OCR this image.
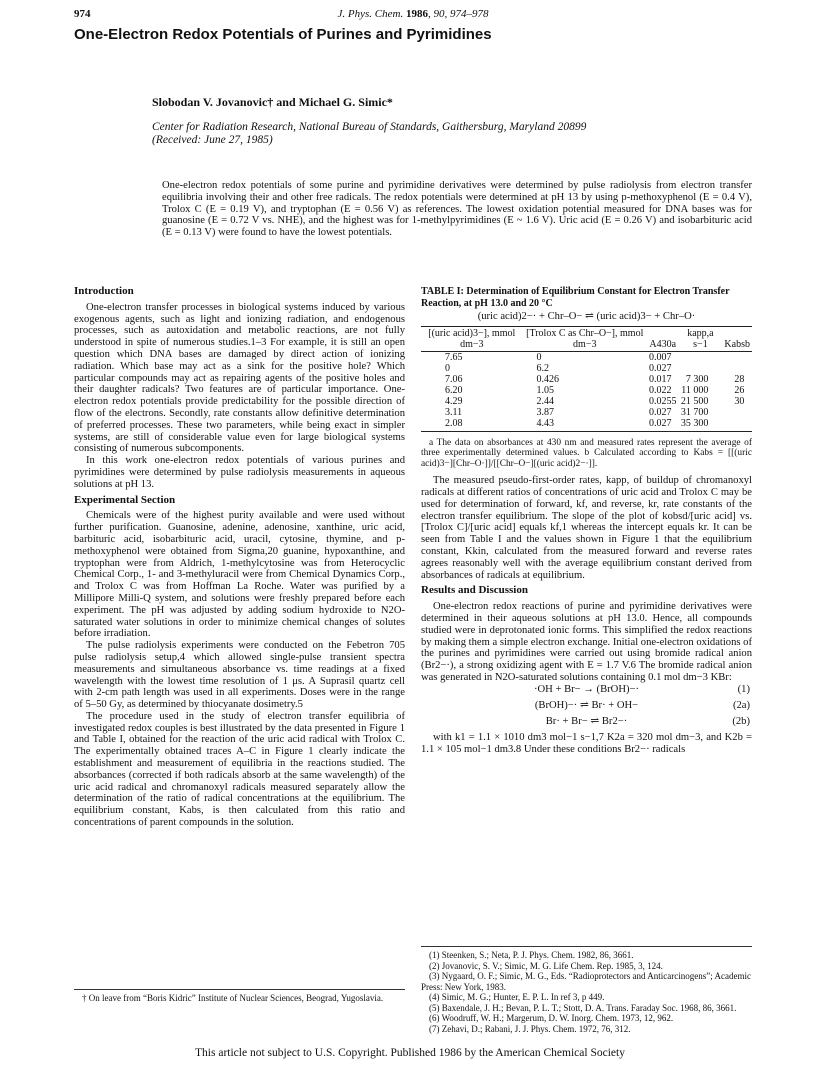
974	J. Phys. Chem. 1986, 90, 974–978
One-Electron Redox Potentials of Purines and Pyrimidines
Slobodan V. Jovanovic† and Michael G. Simic*
Center for Radiation Research, National Bureau of Standards, Gaithersburg, Maryland 20899
(Received: June 27, 1985)
One-electron redox potentials of some purine and pyrimidine derivatives were determined by pulse radiolysis from electron transfer equilibria involving their and other free radicals. The redox potentials were determined at pH 13 by using p-methoxyphenol (E = 0.4 V), Trolox C (E = 0.19 V), and tryptophan (E = 0.56 V) as references. The lowest oxidation potential measured for DNA bases was for guanosine (E = 0.72 V vs. NHE), and the highest was for 1-methylpyrimidines (E ~ 1.6 V). Uric acid (E = 0.26 V) and isobarbituric acid (E = 0.13 V) were found to have the lowest potentials.
Introduction

One-electron transfer processes in biological systems induced by various exogenous agents, such as light and ionizing radiation, and endogenous processes, such as autoxidation and metabolic reactions, are not fully understood in spite of numerous studies.1–3 For example, it is still an open question which DNA bases are damaged by direct action of ionizing radiation. Which base may act as a sink for the positive hole? Which particular compounds may act as repairing agents of the positive holes and their daughter radicals? Two features are of particular importance. One-electron redox potentials provide predictability for the possible direction of flow of the electrons. Secondly, rate constants allow definitive determination of preferred processes. These two parameters, while being exact in simpler systems, are still of considerable value even for large biological systems consisting of numerous subcomponents.

In this work one-electron redox potentials of various purines and pyrimidines were determined by pulse radiolysis measurements in aqueous solutions at pH 13.

Experimental Section

Chemicals were of the highest purity available and were used without further purification. Guanosine, adenine, adenosine, xanthine, uric acid, barbituric acid, isobarbituric acid, uracil, cytosine, thymine, and p-methoxyphenol were obtained from Sigma,20 guanine, hypoxanthine, and tryptophan were from Aldrich, 1-methylcytosine was from Heterocyclic Chemical Corp., 1- and 3-methyluracil were from Chemical Dynamics Corp., and Trolox C was from Hoffman La Roche. Water was purified by a Millipore Milli-Q system, and solutions were freshly prepared before each experiment. The pH was adjusted by adding sodium hydroxide to N2O-saturated water solutions in order to minimize chemical changes of solutes before irradiation.

The pulse radiolysis experiments were conducted on the Febetron 705 pulse radiolysis setup,4 which allowed single-pulse transient spectra measurements and simultaneous absorbance vs. time readings at a fixed wavelength with the lowest time resolution of 1 μs. A Suprasil quartz cell with 2-cm path length was used in all experiments. Doses were in the range of 5–50 Gy, as determined by thiocyanate dosimetry.5

The procedure used in the study of electron transfer equilibria of investigated redox couples is best illustrated by the data presented in Figure 1 and Table I, obtained for the reaction of the uric acid radical with Trolox C. The experimentally obtained traces A–C in Figure 1 clearly indicate the establishment and measurement of equilibria in the reactions studied. The absorbances (corrected if both radicals absorb at the same wavelength) of the uric acid radical and chromanoxyl radicals measured separately allow the determination of the ratio of radical concentrations at the equilibrium. The equilibrium constant, Kabs, is then calculated from this ratio and concentrations of parent compounds in the solution.

† On leave from “Boris Kidric” Institute of Nuclear Sciences, Beograd, Yugoslavia.
TABLE I: Determination of Equilibrium Constant for Electron Transfer Reaction, at pH 13.0 and 20 °C
(uric acid)2−· + Chr–O− ⇌ (uric acid)3− + Chr–O·
[(uric acid)3−], mmol dm−3	[Trolox C as Chr–O−], mmol dm−3	A430a	kapp,a s−1	Kabsb
7.65	0	0.007		
0	6.2	0.027		
7.06	0.426	0.017	7 300	28
6.20	1.05	0.022	11 000	26
4.29	2.44	0.0255	21 500	30
3.11	3.87	0.027	31 700	
2.08	4.43	0.027	35 300	
a The data on absorbances at 430 nm and measured rates represent the average of three experimentally determined values. b Calculated according to Kabs = [[(uric acid)3−][Chr–O·]]/[[Chr–O−][(uric acid)2−·]].

The measured pseudo-first-order rates, kapp, of buildup of chromanoxyl radicals at different ratios of concentrations of uric acid and Trolox C may be used for determination of forward, kf, and reverse, kr, rate constants of the electron transfer equilibrium. The slope of the plot of kobsd/[uric acid] vs. [Trolox C]/[uric acid] equals kf,1 whereas the intercept equals kr. It can be seen from Table I and the values shown in Figure 1 that the equilibrium constant, Kkin, calculated from the measured forward and reverse rates agrees reasonably well with the average equilibrium constant derived from absorbances of radicals at equilibrium.

Results and Discussion

One-electron redox reactions of purine and pyrimidine derivatives were determined in their aqueous solutions at pH 13.0. Hence, all compounds studied were in deprotonated ionic forms. This simplified the redox reactions by making them a simple electron exchange. Initial one-electron oxidations of the purines and pyrimidines were carried out using bromide radical anion (Br2−·), a strong oxidizing agent with E = 1.7 V.6 The bromide radical anion was generated in N2O-saturated solutions containing 0.1 mol dm−3 KBr:

·OH + Br− → (BrOH)−·	(1)
(BrOH)−· ⇌ Br· + OH−	(2a)
Br· + Br− ⇌ Br2−·	(2b)

with k1 = 1.1 × 1010 dm3 mol−1 s−1,7 K2a = 320 mol dm−3, and K2b = 1.1 × 105 mol−1 dm3.8 Under these conditions Br2−· radicals

(1) Steenken, S.; Neta, P. J. Phys. Chem. 1982, 86, 3661.
(2) Jovanovic, S. V.; Simic, M. G. Life Chem. Rep. 1985, 3, 124.
(3) Nygaard, O. F.; Simic, M. G., Eds. “Radioprotectors and Anticarcinogens”; Academic Press: New York, 1983.
(4) Simic, M. G.; Hunter, E. P. L. In ref 3, p 449.
(5) Baxendale, J. H.; Bevan, P. L. T.; Stott, D. A. Trans. Faraday Soc. 1968, 86, 3661.
(6) Woodruff, W. H.; Margerum, D. W. Inorg. Chem. 1973, 12, 962.
(7) Zehavi, D.; Rabani, J. J. Phys. Chem. 1972, 76, 312.
This article not subject to U.S. Copyright. Published 1986 by the American Chemical Society
